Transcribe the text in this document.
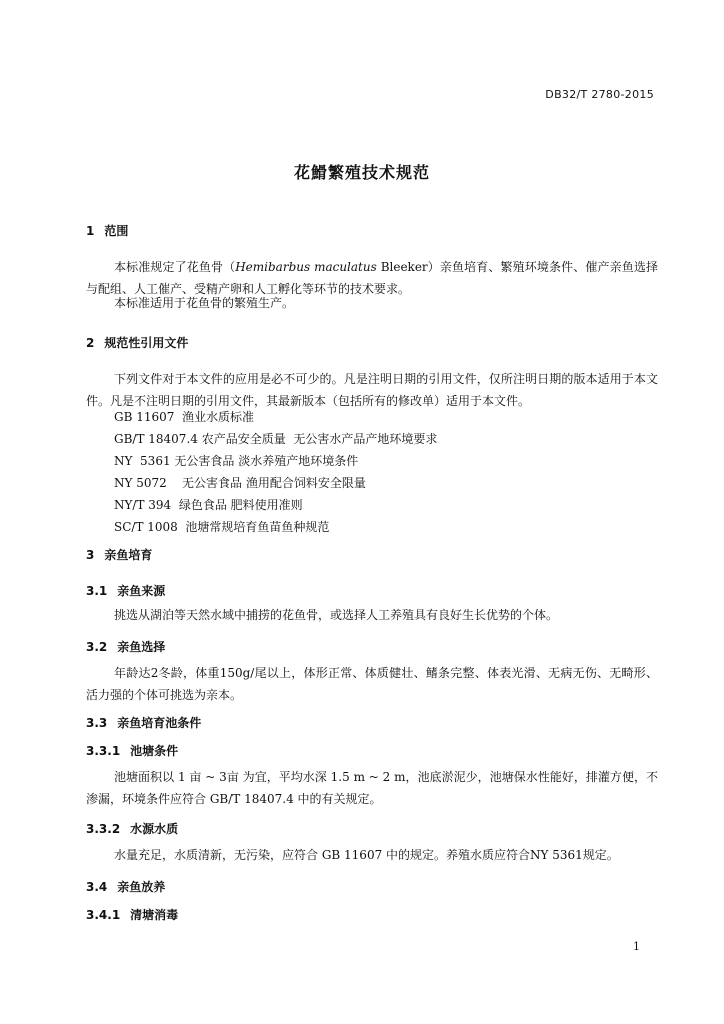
DB32/T 2780-2015
花䱻繁殖技术规范
1 范围
本标准规定了花鱼骨（Hemibarbus maculatus Bleeker）亲鱼培育、繁殖环境条件、催产亲鱼选择与配组、人工催产、受精产卵和人工孵化等环节的技术要求。
本标准适用于花鱼骨的繁殖生产。
2 规范性引用文件
下列文件对于本文件的应用是必不可少的。凡是注明日期的引用文件，仅所注明日期的版本适用于本文件。凡是不注明日期的引用文件，其最新版本（包括所有的修改单）适用于本文件。
GB 11607  渔业水质标准
GB/T 18407.4 农产品安全质量  无公害水产品产地环境要求
NY  5361 无公害食品 淡水养殖产地环境条件
NY 5072    无公害食品 渔用配合饲料安全限量
NY/T 394  绿色食品 肥料使用准则
SC/T 1008  池塘常规培育鱼苗鱼种规范
3 亲鱼培育
3.1 亲鱼来源
挑选从湖泊等天然水域中捕捞的花鱼骨，或选择人工养殖具有良好生长优势的个体。
3.2 亲鱼选择
年龄达2冬龄，体重150g/尾以上，体形正常、体质健壮、鳍条完整、体表光滑、无病无伤、无畸形、活力强的个体可挑选为亲本。
3.3 亲鱼培育池条件
3.3.1 池塘条件
池塘面积以 1 亩 ~ 3亩 为宜，平均水深 1.5 m ~ 2 m，池底淤泥少，池塘保水性能好，排灌方便，不渗漏，环境条件应符合 GB/T 18407.4 中的有关规定。
3.3.2 水源水质
水量充足，水质清新，无污染，应符合 GB 11607 中的规定。养殖水质应符合NY 5361规定。
3.4 亲鱼放养
3.4.1 清塘消毒
1
